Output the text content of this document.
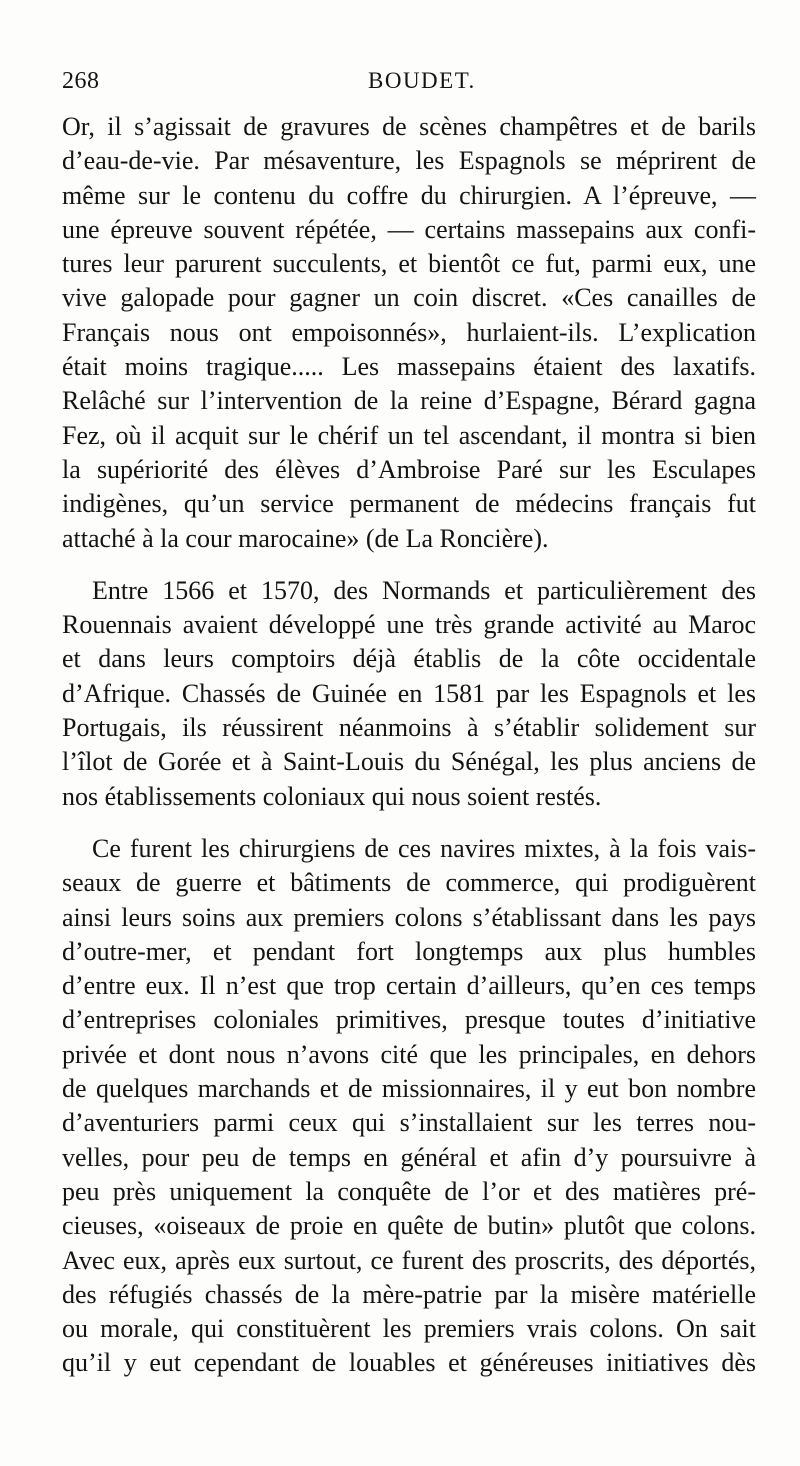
268	BOUDET.
Or, il s’agissait de gravures de scènes champêtres et de barils
d’eau-de-vie. Par mésaventure, les Espagnols se méprirent de
même sur le contenu du coffre du chirurgien. A l’épreuve, —
une épreuve souvent répétée, — certains massepains aux confi-
tures leur parurent succulents, et bientôt ce fut, parmi eux, une
vive galopade pour gagner un coin discret. «Ces canailles de
Français nous ont empoisonnés», hurlaient-ils. L’explication
était moins tragique..... Les massepains étaient des laxatifs.
Relâché sur l’intervention de la reine d’Espagne, Bérard gagna
Fez, où il acquit sur le chérif un tel ascendant, il montra si bien
la supériorité des élèves d’Ambroise Paré sur les Esculapes
indigènes, qu’un service permanent de médecins français fut
attaché à la cour marocaine» (de La Roncière).
Entre 1566 et 1570, des Normands et particulièrement des
Rouennais avaient développé une très grande activité au Maroc
et dans leurs comptoirs déjà établis de la côte occidentale
d’Afrique. Chassés de Guinée en 1581 par les Espagnols et les
Portugais, ils réussirent néanmoins à s’établir solidement sur
l’îlot de Gorée et à Saint-Louis du Sénégal, les plus anciens de
nos établissements coloniaux qui nous soient restés.
Ce furent les chirurgiens de ces navires mixtes, à la fois vais-
seaux de guerre et bâtiments de commerce, qui prodiguèrent
ainsi leurs soins aux premiers colons s’établissant dans les pays
d’outre-mer, et pendant fort longtemps aux plus humbles
d’entre eux. Il n’est que trop certain d’ailleurs, qu’en ces temps
d’entreprises coloniales primitives, presque toutes d’initiative
privée et dont nous n’avons cité que les principales, en dehors
de quelques marchands et de missionnaires, il y eut bon nombre
d’aventuriers parmi ceux qui s’installaient sur les terres nou-
velles, pour peu de temps en général et afin d’y poursuivre à
peu près uniquement la conquête de l’or et des matières pré-
cieuses, «oiseaux de proie en quête de butin» plutôt que colons.
Avec eux, après eux surtout, ce furent des proscrits, des déportés,
des réfugiés chassés de la mère-patrie par la misère matérielle
ou morale, qui constituèrent les premiers vrais colons. On sait
qu’il y eut cependant de louables et généreuses initiatives dès
